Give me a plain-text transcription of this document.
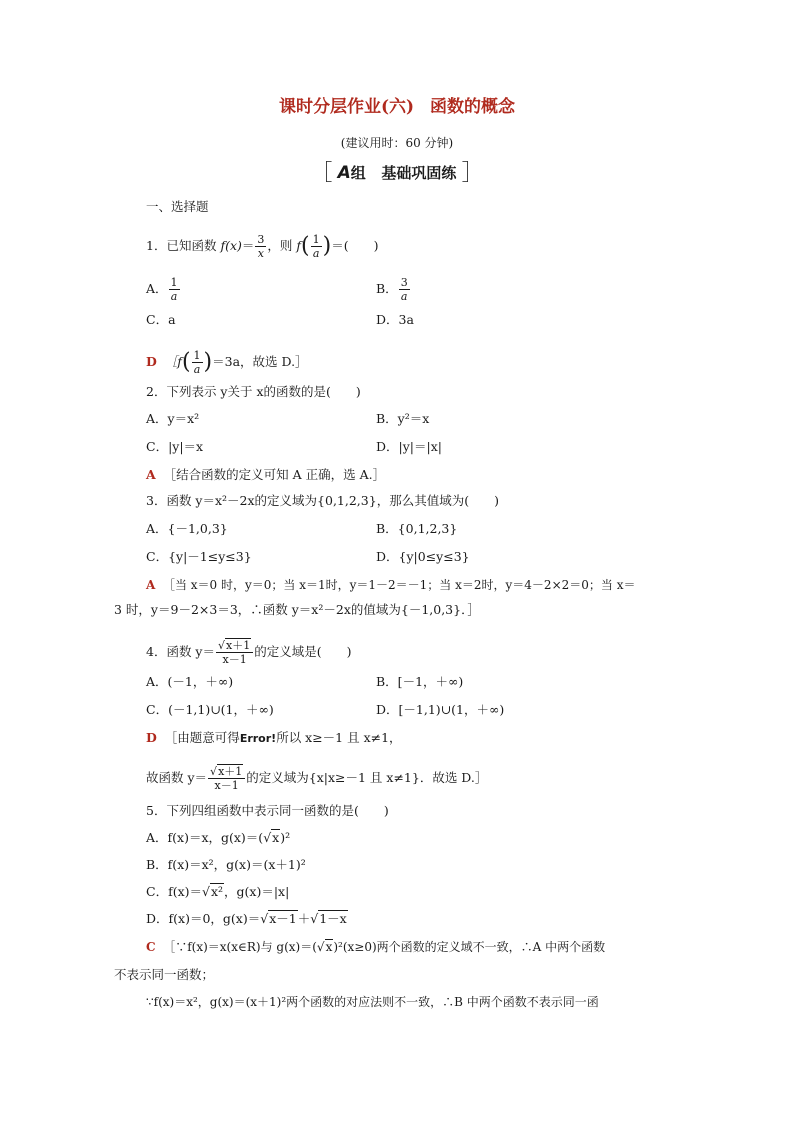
课时分层作业(六) 函数的概念
(建议用时：60 分钟)
［ A组 基础巩固练 ］
一、选择题
1．已知函数 $f(x)= \frac{3}{x}$ ，则 $f( \frac{1}{a}$ )＝(　　)
A． $\frac{1}{a}$	B． $\frac{3}{a}$
C．a	D．3a
D ［f( $\frac{1}{a} )=3a$，故选 D.］
2．下列表示 y关于 x的函数的是(　　)
A．y＝x²	B．y²＝x
C．|y|＝x	D．|y|＝|x|
A ［结合函数的定义可知 A 正确，选 A.］
3．函数 y＝x²－2x的定义域为{0,1,2,3}，那么其值域为(　　)
A．{－1,0,3}	B．{0,1,2,3}
C．{y|－1≤y≤3}	D．{y|0≤y≤3}
A ［当 x＝0 时，y＝0；当 x＝1时，y＝1－2＝－1；当 x＝2时，y＝4－2×2＝0；当 x＝
3 时，y＝9－2×3＝3，∴函数 y＝x²－2x的值域为{－1,0,3}．］
4．函数 $y= \frac{√x+1}{x-1}$ 的定义域是(　　)
A．(－1，＋∞)	B．[－1，＋∞)
C．(－1,1)∪(1，＋∞)	D．[－1,1)∪(1，＋∞)
D ［由题意可得Error!所以 x≥－1 且 x≠1，
故函数 $y= \frac{√x+1}{x-1}$ 的定义域为{x|x≥－1 且 x≠1}．故选 D.］
5．下列四组函数中表示同一函数的是(　　)
A．f(x)＝x，g(x)＝(√x)²
B．f(x)＝x²，g(x)＝(x＋1)²
C．f(x)＝√x²，g(x)＝|x|
D．f(x)＝0，g(x)＝√x－1＋√1－x
C ［∵f(x)＝x(x∈R)与 g(x)＝(√x)²(x≥0)两个函数的定义域不一致，∴A 中两个函数
不表示同一函数；
∵f(x)＝x²，g(x)＝(x＋1)²两个函数的对应法则不一致，∴B 中两个函数不表示同一函
